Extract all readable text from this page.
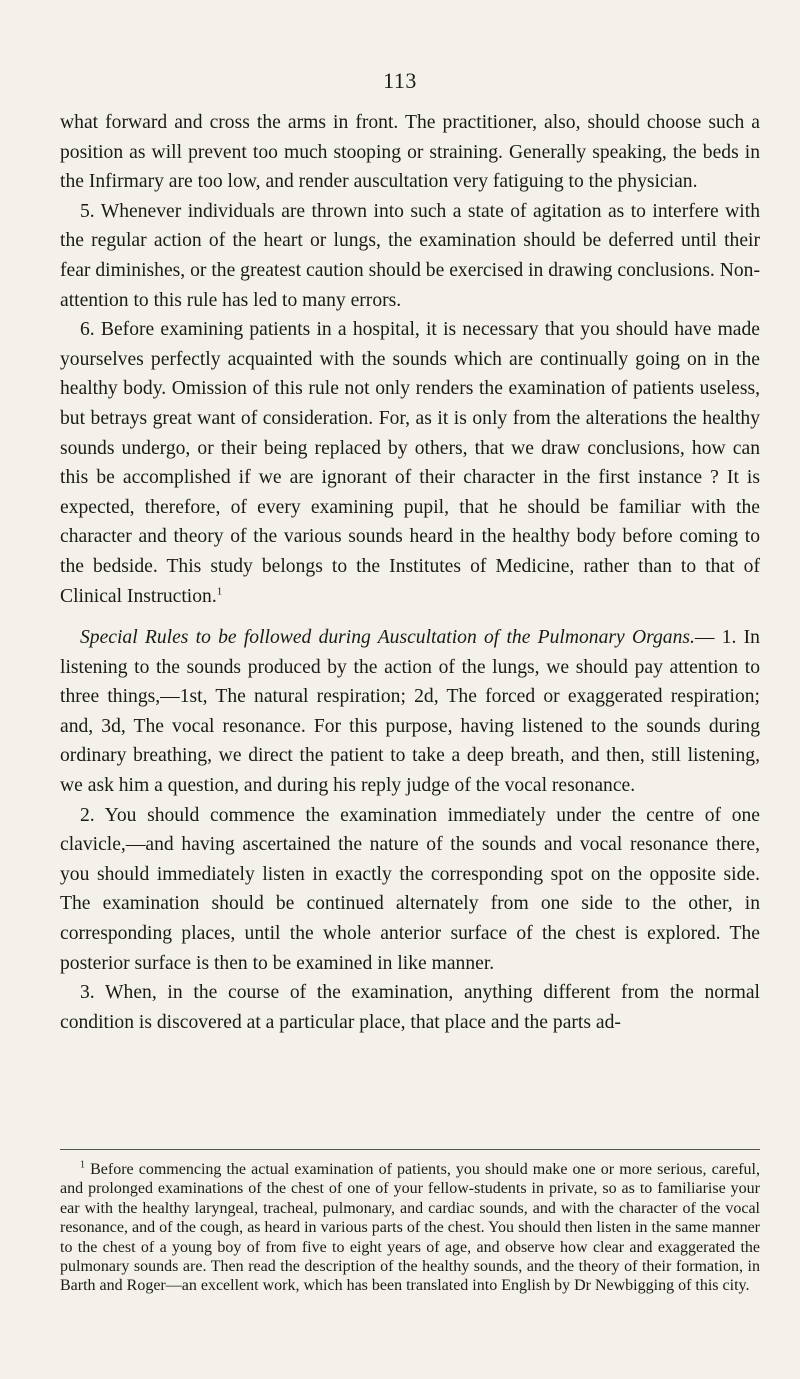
113

what forward and cross the arms in front. The practitioner, also, should choose such a position as will prevent too much stooping or straining. Generally speaking, the beds in the Infirmary are too low, and render auscultation very fatiguing to the physician.

5. Whenever individuals are thrown into such a state of agitation as to interfere with the regular action of the heart or lungs, the examination should be deferred until their fear diminishes, or the greatest caution should be exercised in drawing conclusions. Non-attention to this rule has led to many errors.

6. Before examining patients in a hospital, it is necessary that you should have made yourselves perfectly acquainted with the sounds which are continually going on in the healthy body. Omission of this rule not only renders the examination of patients useless, but betrays great want of consideration. For, as it is only from the alterations the healthy sounds undergo, or their being replaced by others, that we draw conclusions, how can this be accomplished if we are ignorant of their character in the first instance ? It is expected, therefore, of every examining pupil, that he should be familiar with the character and theory of the various sounds heard in the healthy body before coming to the bedside. This study belongs to the Institutes of Medicine, rather than to that of Clinical Instruction.$^1$

Special Rules to be followed during Auscultation of the Pulmonary Organs.— 1. In listening to the sounds produced by the action of the lungs, we should pay attention to three things,—1st, The natural respiration; 2d, The forced or exaggerated respiration; and, 3d, The vocal resonance. For this purpose, having listened to the sounds during ordinary breathing, we direct the patient to take a deep breath, and then, still listening, we ask him a question, and during his reply judge of the vocal resonance.

2. You should commence the examination immediately under the centre of one clavicle,—and having ascertained the nature of the sounds and vocal resonance there, you should immediately listen in exactly the corresponding spot on the opposite side. The examination should be continued alternately from one side to the other, in corresponding places, until the whole anterior surface of the chest is explored. The posterior surface is then to be examined in like manner.

3. When, in the course of the examination, anything different from the normal condition is discovered at a particular place, that place and the parts ad-

$^1$ Before commencing the actual examination of patients, you should make one or more serious, careful, and prolonged examinations of the chest of one of your fellow-students in private, so as to familiarise your ear with the healthy laryngeal, tracheal, pulmonary, and cardiac sounds, and with the character of the vocal resonance, and of the cough, as heard in various parts of the chest. You should then listen in the same manner to the chest of a young boy of from five to eight years of age, and observe how clear and exaggerated the pulmonary sounds are. Then read the description of the healthy sounds, and the theory of their formation, in Barth and Roger—an excellent work, which has been translated into English by Dr Newbigging of this city.
